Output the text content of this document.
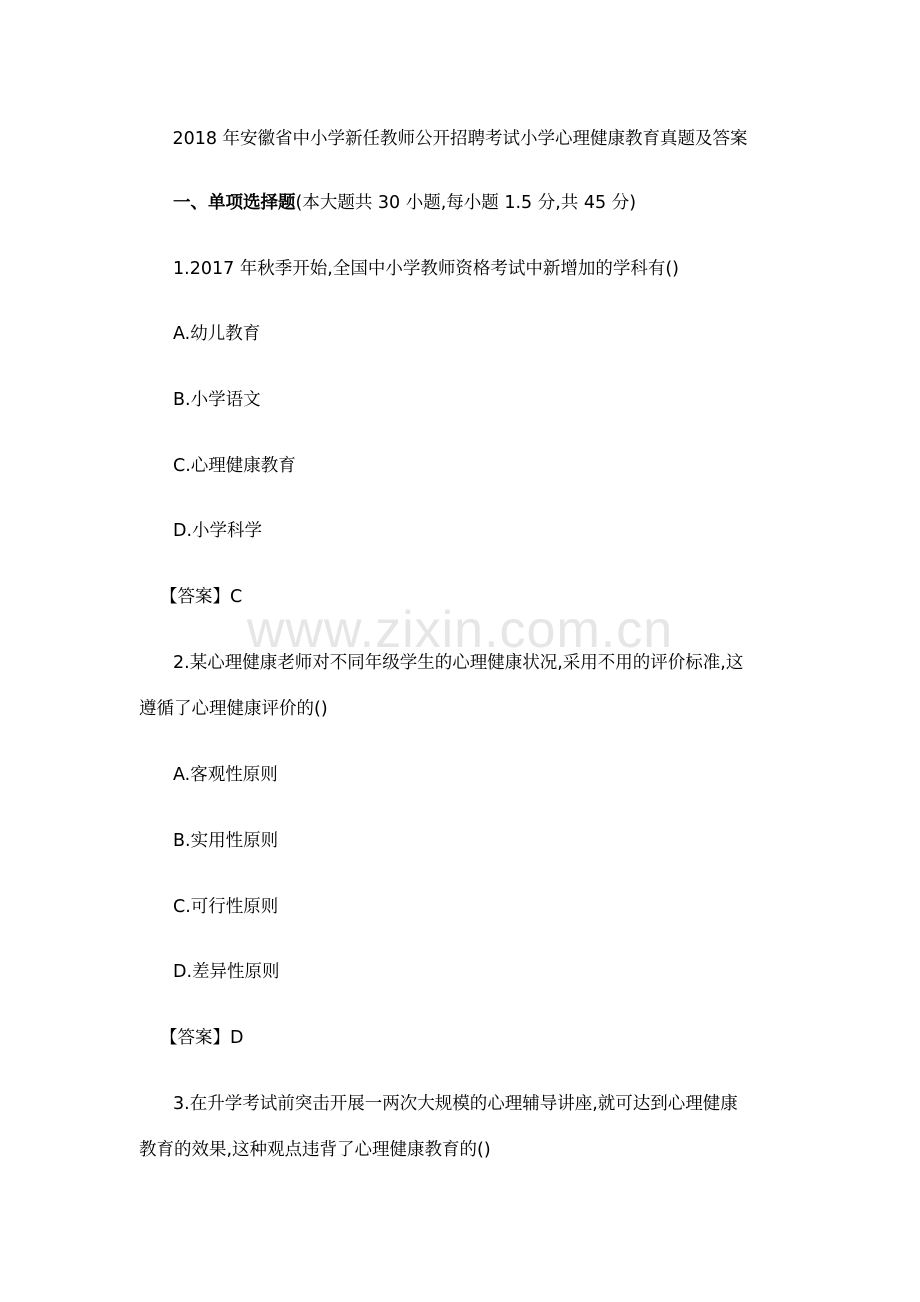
www.zixin.com.cn
2018 年安徽省中小学新任教师公开招聘考试小学心理健康教育真题及答案
一、单项选择题(本大题共 30 小题,每小题 1.5 分,共 45 分)
1.2017 年秋季开始,全国中小学教师资格考试中新增加的学科有()
A.幼儿教育
B.小学语文
C.心理健康教育
D.小学科学
【答案】C
2.某心理健康老师对不同年级学生的心理健康状况,采用不用的评价标准,这
遵循了心理健康评价的()
A.客观性原则
B.实用性原则
C.可行性原则
D.差异性原则
【答案】D
3.在升学考试前突击开展一两次大规模的心理辅导讲座,就可达到心理健康
教育的效果,这种观点违背了心理健康教育的()
